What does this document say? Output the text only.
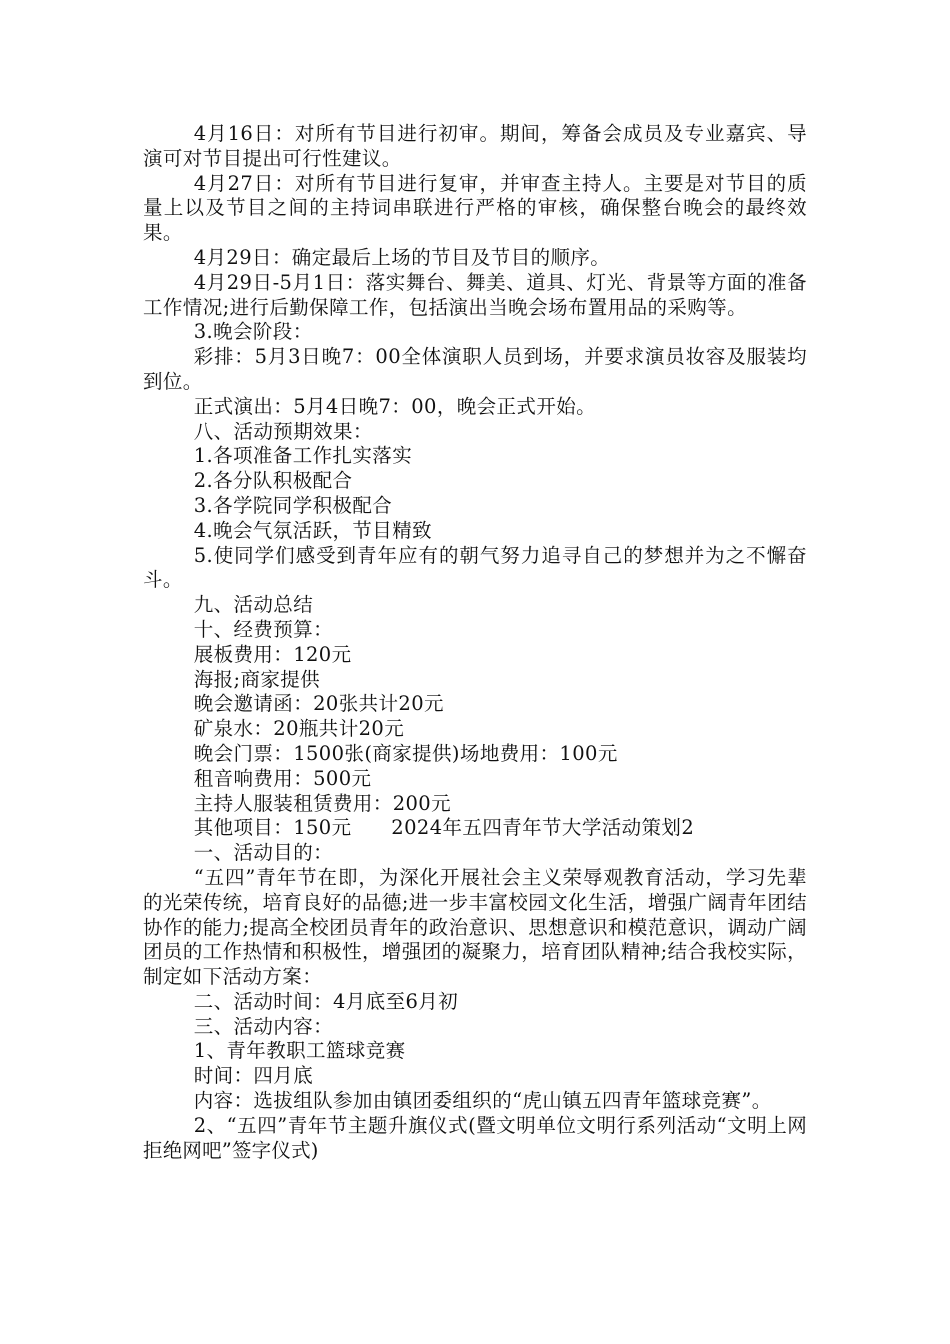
4月16日：对所有节目进行初审。期间，筹备会成员及专业嘉宾、导演可对节目提出可行性建议。

4月27日：对所有节目进行复审，并审查主持人。主要是对节目的质量上以及节目之间的主持词串联进行严格的审核，确保整台晚会的最终效果。

4月29日：确定最后上场的节目及节目的顺序。

4月29日-5月1日：落实舞台、舞美、道具、灯光、背景等方面的准备工作情况;进行后勤保障工作，包括演出当晚会场布置用品的采购等。

3.晚会阶段：

彩排：5月3日晚7：00全体演职人员到场，并要求演员妆容及服装均到位。

正式演出：5月4日晚7：00，晚会正式开始。

八、活动预期效果：

1.各项准备工作扎实落实

2.各分队积极配合

3.各学院同学积极配合

4.晚会气氛活跃，节目精致

5.使同学们感受到青年应有的朝气努力追寻自己的梦想并为之不懈奋斗。

九、活动总结

十、经费预算：

展板费用：120元

海报;商家提供

晚会邀请函：20张共计20元

矿泉水：20瓶共计20元

晚会门票：1500张(商家提供)场地费用：100元

租音响费用：500元

主持人服装租赁费用：200元

其他项目：150元　　2024年五四青年节大学活动策划2

一、活动目的：

“五四”青年节在即，为深化开展社会主义荣辱观教育活动，学习先辈的光荣传统，培育良好的品德;进一步丰富校园文化生活，增强广阔青年团结协作的能力;提高全校团员青年的政治意识、思想意识和模范意识，调动广阔团员的工作热情和积极性，增强团的凝聚力，培育团队精神;结合我校实际，制定如下活动方案：

二、活动时间：4月底至6月初

三、活动内容：

1、青年教职工篮球竞赛

时间：四月底

内容：选拔组队参加由镇团委组织的“虎山镇五四青年篮球竞赛”。

2、“五四”青年节主题升旗仪式(暨文明单位文明行系列活动“文明上网拒绝网吧”签字仪式)
